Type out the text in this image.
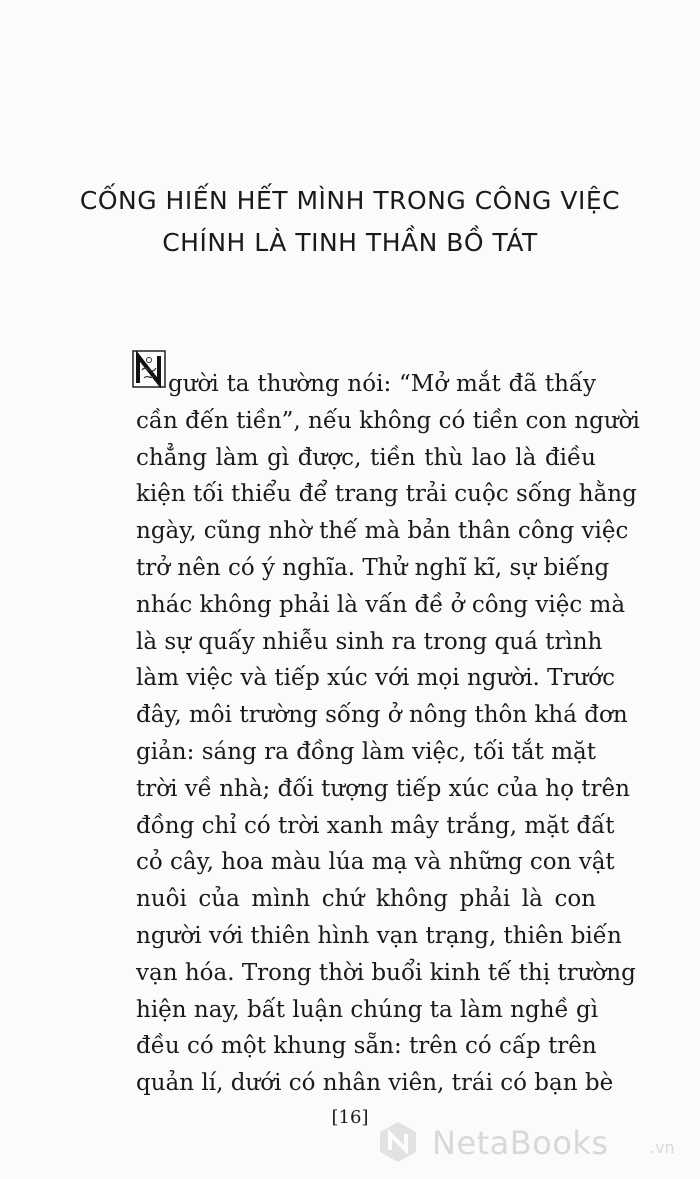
CỐNG HIẾN HẾT MÌNH TRONG CÔNG VIỆC
CHÍNH LÀ TINH THẦN BỒ TÁT
N
gười ta thường nói: “Mở mắt đã thấy
cần đến tiền”, nếu không có tiền con người
chẳng làm gì được, tiền thù lao là điều
kiện tối thiểu để trang trải cuộc sống hằng
ngày, cũng nhờ thế mà bản thân công việc
trở nên có ý nghĩa. Thử nghĩ kĩ, sự biếng
nhác không phải là vấn đề ở công việc mà
là sự quấy nhiễu sinh ra trong quá trình
làm việc và tiếp xúc với mọi người. Trước
đây, môi trường sống ở nông thôn khá đơn
giản: sáng ra đồng làm việc, tối tắt mặt
trời về nhà; đối tượng tiếp xúc của họ trên
đồng chỉ có trời xanh mây trắng, mặt đất
cỏ cây, hoa màu lúa mạ và những con vật
nuôi của mình chứ không phải là con
người với thiên hình vạn trạng, thiên biến
vạn hóa. Trong thời buổi kinh tế thị trường
hiện nay, bất luận chúng ta làm nghề gì
đều có một khung sẵn: trên có cấp trên
quản lí, dưới có nhân viên, trái có bạn bè
[16]
NetaBooks	.vn
